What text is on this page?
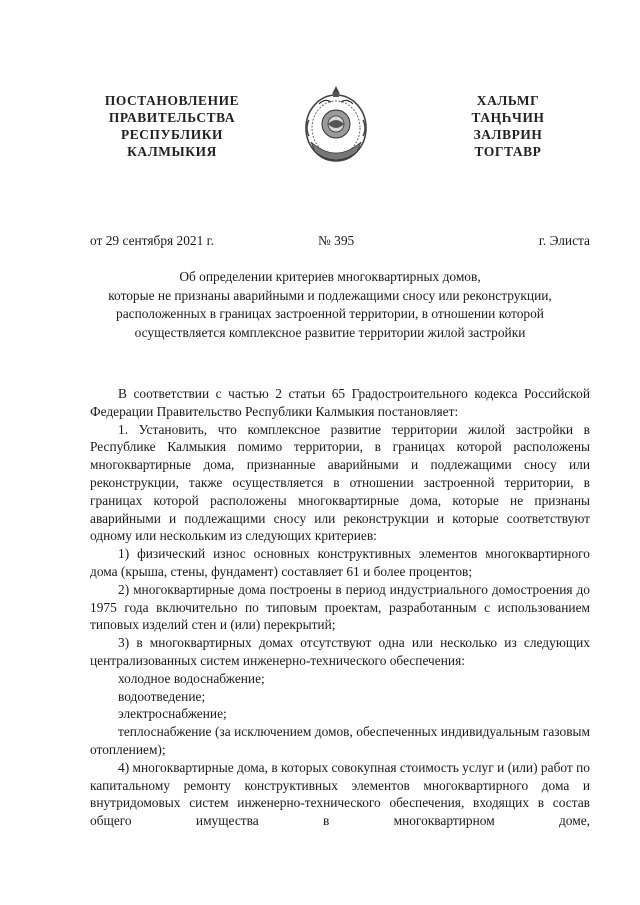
ПОСТАНОВЛЕНИЕ
ПРАВИТЕЛЬСТВА
РЕСПУБЛИКИ
КАЛМЫКИЯ
ХАЛЬМГ
ТАҢҺЧИН
ЗАЛВРИН
ТОГТАВР
от 29 сентября 2021 г.	№ 395	г. Элиста
Об определении критериев многоквартирных домов,
которые не признаны аварийными и подлежащими сносу или реконструкции,
расположенных в границах застроенной территории, в отношении которой
осуществляется комплексное развитие территории жилой застройки
В соответствии с частью 2 статьи 65 Градостроительного кодекса Российской Федерации Правительство Республики Калмыкия постановляет:
1. Установить, что комплексное развитие территории жилой застройки в Республике Калмыкия помимо территории, в границах которой расположены многоквартирные дома, признанные аварийными и подлежащими сносу или реконструкции, также осуществляется в отношении застроенной территории, в границах которой расположены многоквартирные дома, которые не признаны аварийными и подлежащими сносу или реконструкции и которые соответствуют одному или нескольким из следующих критериев:
1) физический износ основных конструктивных элементов многоквартирного дома (крыша, стены, фундамент) составляет 61 и более процентов;
2) многоквартирные дома построены в период индустриального домостроения до 1975 года включительно по типовым проектам, разработанным с использованием типовых изделий стен и (или) перекрытий;
3) в многоквартирных домах отсутствуют одна или несколько из следующих централизованных систем инженерно-технического обеспечения:
холодное водоснабжение;
водоотведение;
электроснабжение;
теплоснабжение (за исключением домов, обеспеченных индивидуальным газовым отоплением);
4) многоквартирные дома, в которых совокупная стоимость услуг и (или) работ по капитальному ремонту конструктивных элементов многоквартирного дома и внутридомовых систем инженерно-технического обеспечения, входящих в состав общего имущества в многоквартирном доме,
